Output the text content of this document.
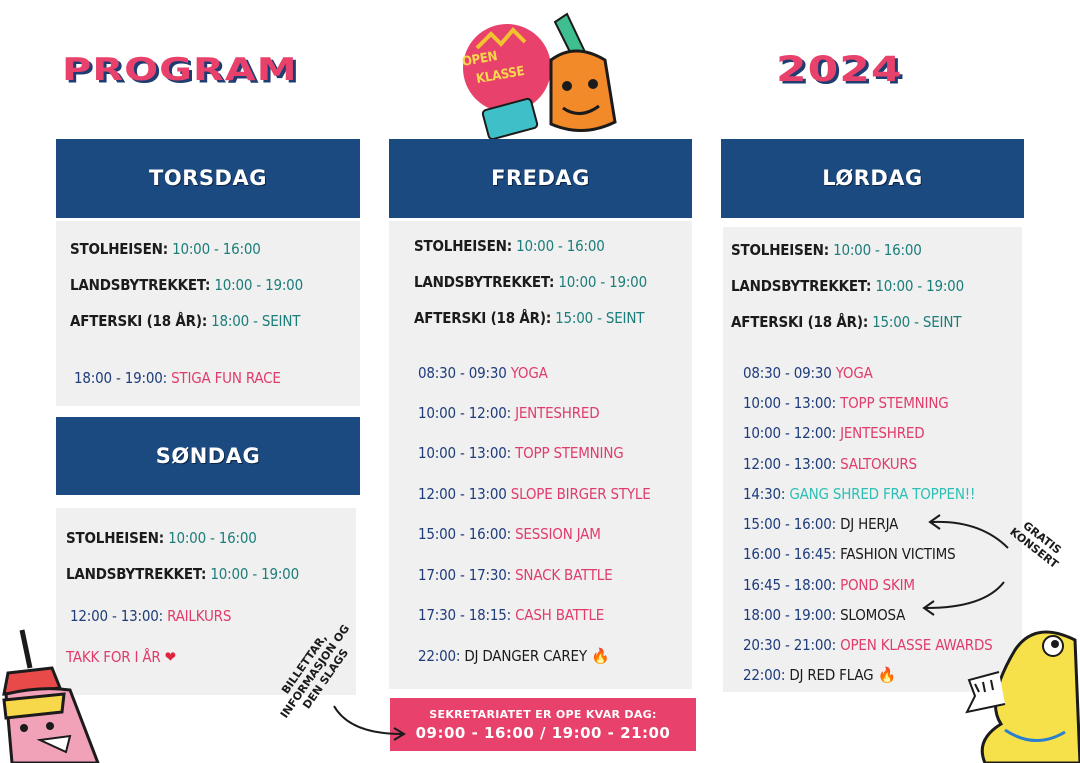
PROGRAM	2024
OPEN
KLASSE
TORSDAG
STOLHEISEN: 10:00 - 16:00
LANDSBYTREKKET: 10:00 - 19:00
AFTERSKI (18 ÅR): 18:00 - SEINT
18:00 - 19:00: STIGA FUN RACE
SØNDAG
STOLHEISEN: 10:00 - 16:00
LANDSBYTREKKET: 10:00 - 19:00
12:00 - 13:00: RAILKURS
TAKK FOR I ÅR ❤
FREDAG
STOLHEISEN: 10:00 - 16:00
LANDSBYTREKKET: 10:00 - 19:00
AFTERSKI (18 ÅR): 15:00 - SEINT
08:30 - 09:30 YOGA
10:00 - 12:00: JENTESHRED
10:00 - 13:00: TOPP STEMNING
12:00 - 13:00 SLOPE BIRGER STYLE
15:00 - 16:00: SESSION JAM
17:00 - 17:30: SNACK BATTLE
17:30 - 18:15: CASH BATTLE
22:00: DJ DANGER CAREY 🔥
LØRDAG
STOLHEISEN: 10:00 - 16:00
LANDSBYTREKKET: 10:00 - 19:00
AFTERSKI (18 ÅR): 15:00 - SEINT
08:30 - 09:30 YOGA
10:00 - 13:00: TOPP STEMNING
10:00 - 12:00: JENTESHRED
12:00 - 13:00: SALTOKURS
14:30: GANG SHRED FRA TOPPEN!!
15:00 - 16:00: DJ HERJA
16:00 - 16:45: FASHION VICTIMS
16:45 - 18:00: POND SKIM
18:00 - 19:00: SLOMOSA
20:30 - 21:00: OPEN KLASSE AWARDS
22:00: DJ RED FLAG 🔥
SEKRETARIATET ER OPE KVAR DAG:
09:00 - 16:00 / 19:00 - 21:00
BILLETTAR, INFORMASJON OG DEN SLAGS
GRATIS KONSERT
